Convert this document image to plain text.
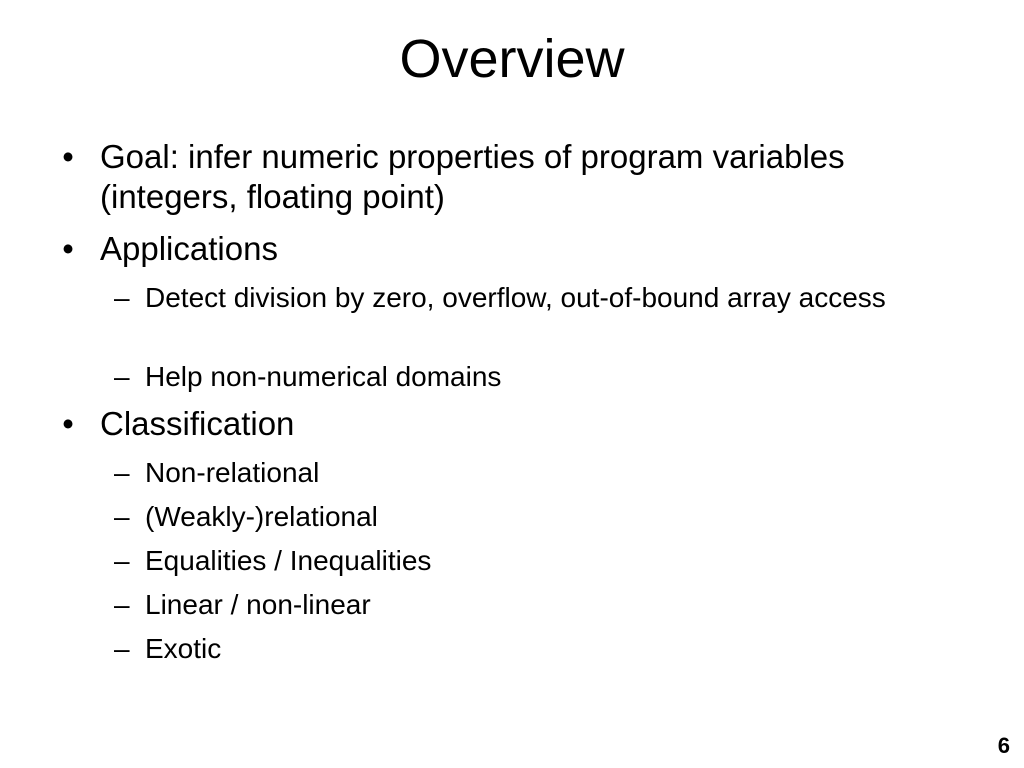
Overview
• Goal: infer numeric properties of program variables (integers, floating point)
• Applications
– Detect division by zero, overflow, out-of-bound array access
– Help non-numerical domains
• Classification
– Non-relational
– (Weakly-)relational
– Equalities / Inequalities
– Linear / non-linear
– Exotic
6
